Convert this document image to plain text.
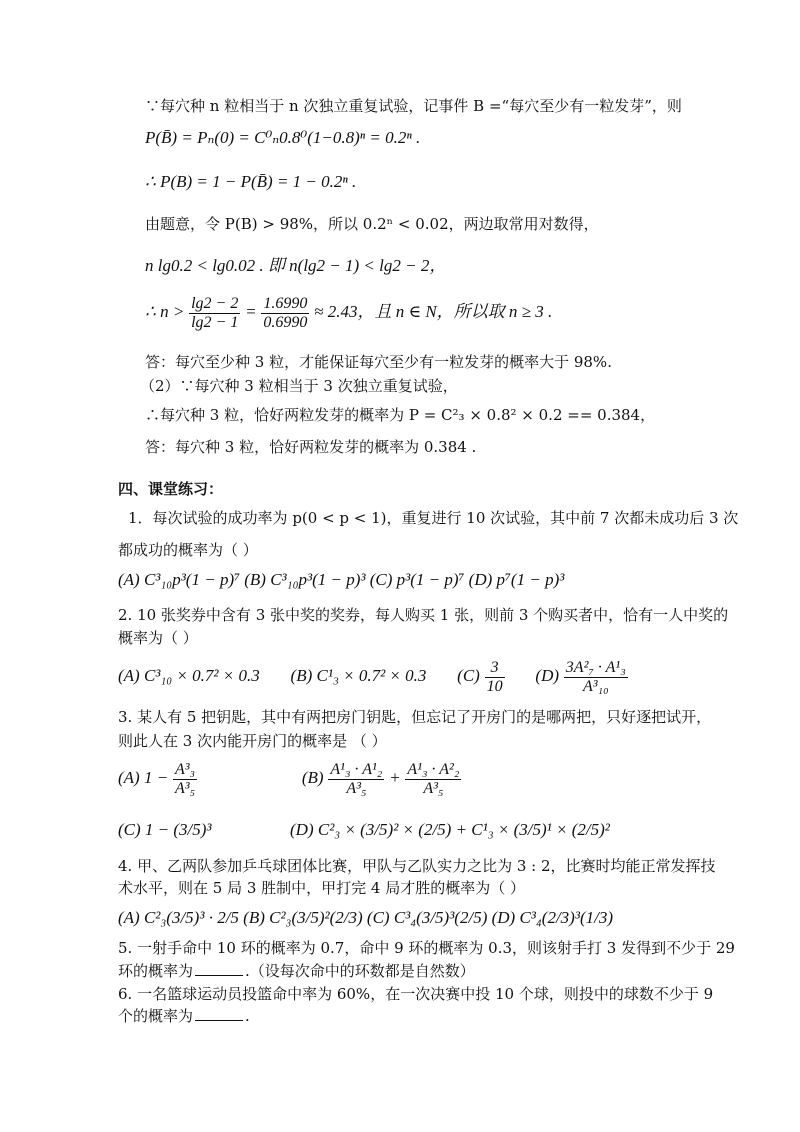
∵每穴种 n 粒相当于 n 次独立重复试验，记事件 B =“每穴至少有一粒发芽”，则
P(B̄) = Pₙ(0) = C⁰ₙ0.8⁰(1−0.8)ⁿ = 0.2ⁿ .
∴ P(B) = 1 − P(B̄) = 1 − 0.2ⁿ .
由题意，令 P(B) > 98%，所以 0.2ⁿ < 0.02，两边取常用对数得，
n lg0.2 < lg0.02 . 即 n(lg2 − 1) < lg2 − 2，
∴ $n > \frac{\lg 2 - 2}{\lg 2 - 1} = \frac{1.6990}{0.6990} \approx 2.43$，且 n ∈ N，所以取 n ≥ 3 .
答：每穴至少种 3 粒，才能保证每穴至少有一粒发芽的概率大于 98%.
（2）∵每穴种 3 粒相当于 3 次独立重复试验，
∴每穴种 3 粒，恰好两粒发芽的概率为 P = C²₃ × 0.8² × 0.2 == 0.384，
答：每穴种 3 粒，恰好两粒发芽的概率为 0.384 .
四、课堂练习：
1．每次试验的成功率为 p(0 < p < 1)，重复进行 10 次试验，其中前 7 次都未成功后 3 次
都成功的概率为（ ）
(A) C³₁₀p³(1 − p)⁷ (B) C³₁₀p³(1 − p)³ (C) p³(1 − p)⁷ (D) p⁷(1 − p)³
2. 10 张奖券中含有 3 张中奖的奖券，每人购买 1 张，则前 3 个购买者中，恰有一人中奖的
概率为（ ）
(A) C³₁₀ × 0.7² × 0.3 (B) C¹₃ × 0.7² × 0.3 $(C) \frac{3}{10} (D) \frac{\text{3A²₇ · A¹₃}}{\text{A³₁₀}}$
3. 某人有 5 把钥匙，其中有两把房门钥匙，但忘记了开房门的是哪两把，只好逐把试开，
则此人在 3 次内能开房门的概率是 （ ）
(A) $1 - \frac{\text{A³₃}}{\text{A³₅}}$	$(B) \frac{\text{A¹₃ · A¹₂}}{\text{A³₅}} + \frac{\text{A¹₃ · A²₂}}{\text{A³₅}}$
(C) 1 − (3/5)³	(D) C²₃ × (3/5)² × (2/5) + C¹₃ × (3/5)¹ × (2/5)²
4. 甲、乙两队参加乒乓球团体比赛，甲队与乙队实力之比为 3 : 2，比赛时均能正常发挥技
术水平，则在 5 局 3 胜制中，甲打完 4 局才胜的概率为（ ）
(A) C²₃(3/5)³ · 2/5 (B) C²₃(3/5)²(2/3) (C) C³₄(3/5)³(2/5) (D) C³₄(2/3)³(1/3)
5. 一射手命中 10 环的概率为 0.7，命中 9 环的概率为 0.3，则该射手打 3 发得到不少于 29
环的概率为	.（设每次命中的环数都是自然数）
6. 一名篮球运动员投篮命中率为 60%，在一次决赛中投 10 个球，则投中的球数不少于 9
个的概率为	.
